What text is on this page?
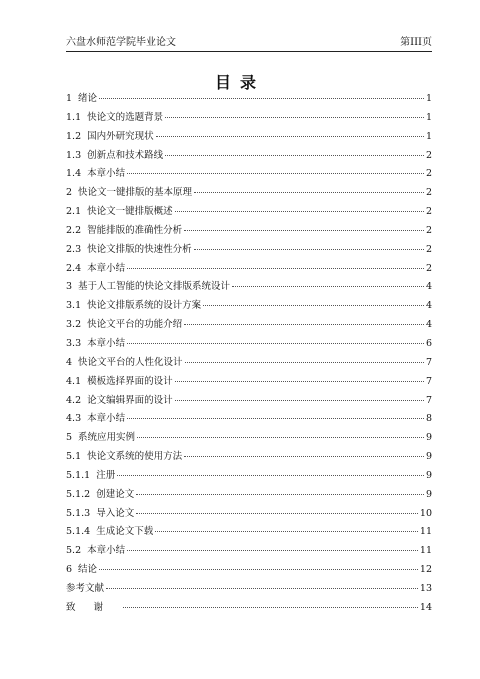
六盘水师范学院毕业论文	第III页
目录
1 绪论	1
1.1 快论文的选题背景	1
1.2 国内外研究现状	1
1.3 创新点和技术路线	2
1.4 本章小结	2
2 快论文一键排版的基本原理	2
2.1 快论文一键排版概述	2
2.2 智能排版的准确性分析	2
2.3 快论文排版的快速性分析	2
2.4 本章小结	2
3 基于人工智能的快论文排版系统设计	4
3.1 快论文排版系统的设计方案	4
3.2 快论文平台的功能介绍	4
3.3 本章小结	6
4 快论文平台的人性化设计	7
4.1 模板选择界面的设计	7
4.2 论文编辑界面的设计	7
4.3 本章小结	8
5 系统应用实例	9
5.1 快论文系统的使用方法	9
5.1.1 注册	9
5.1.2 创建论文	9
5.1.3 导入论文	10
5.1.4 生成论文下载	11
5.2 本章小结	11
6 结论	12
参考文献	13
致谢	14
